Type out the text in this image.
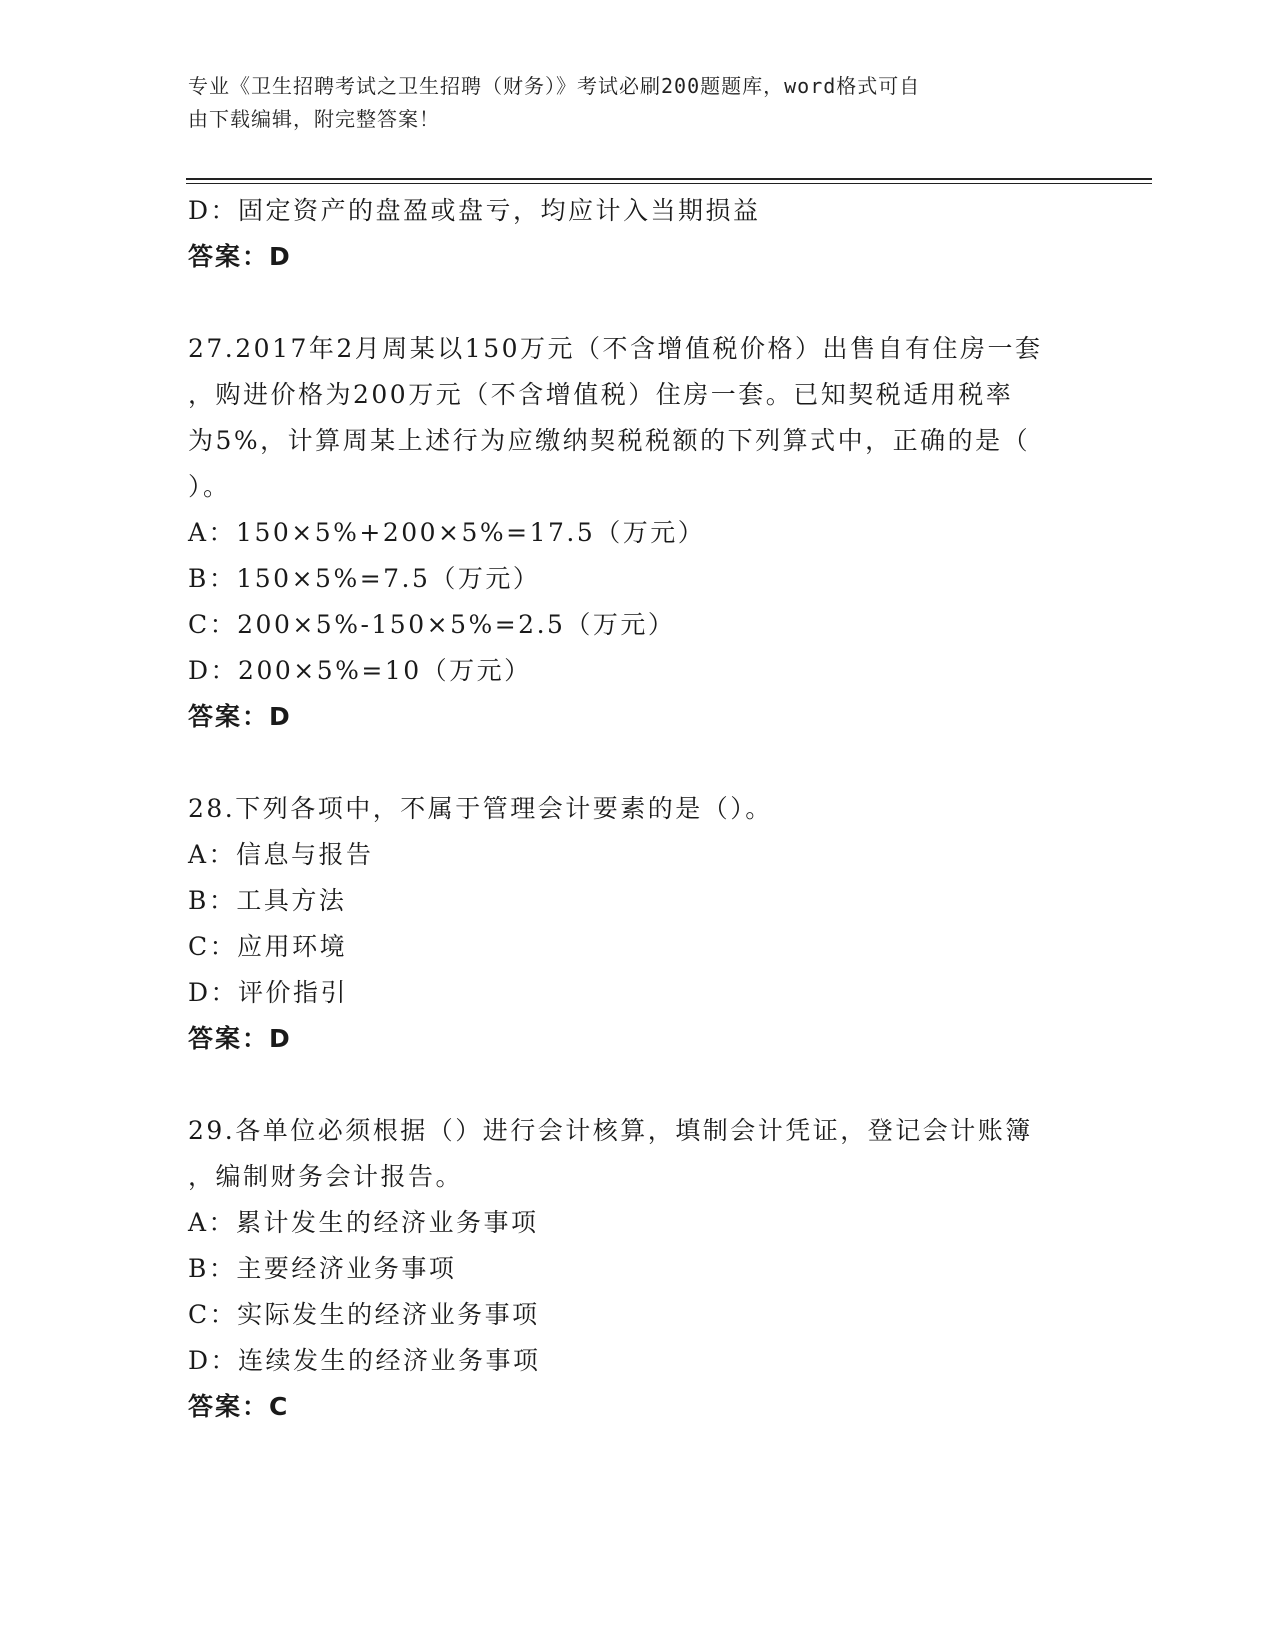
专业《卫生招聘考试之卫生招聘（财务）》考试必刷200题题库，word格式可自
由下载编辑，附完整答案！
D：固定资产的盘盈或盘亏，均应计入当期损益
答案：D
27.2017年2月周某以150万元（不含增值税价格）出售自有住房一套
，购进价格为200万元（不含增值税）住房一套。已知契税适用税率
为5%，计算周某上述行为应缴纳契税税额的下列算式中，正确的是（
）。
A：150×5%+200×5%=17.5（万元）
B：150×5%=7.5（万元）
C：200×5%-150×5%=2.5（万元）
D：200×5%=10（万元）
答案：D
28.下列各项中，不属于管理会计要素的是（）。
A：信息与报告
B：工具方法
C：应用环境
D：评价指引
答案：D
29.各单位必须根据（）进行会计核算，填制会计凭证，登记会计账簿
，编制财务会计报告。
A：累计发生的经济业务事项
B：主要经济业务事项
C：实际发生的经济业务事项
D：连续发生的经济业务事项
答案：C
